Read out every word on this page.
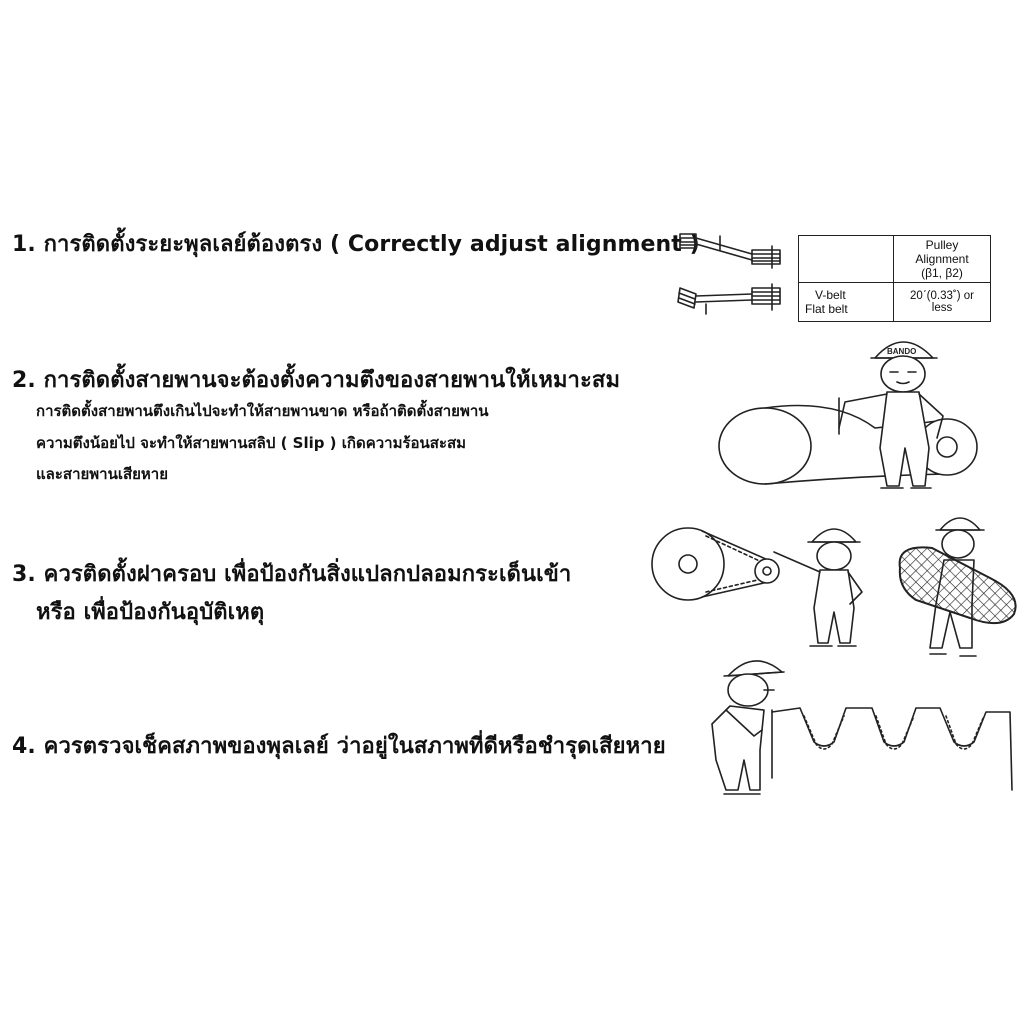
1. การติดตั้งระยะพุลเลย์ต้องตรง ( Correctly adjust alignment )

	Pulley Alignment
(β1, β2)

V-belt
Flat belt	20ˊ(0.33˚) or less
2. การติดตั้งสายพานจะต้องตั้งความตึงของสายพานให้เหมาะสม
การติดตั้งสายพานตึงเกินไปจะทำให้สายพานขาด หรือถ้าติดตั้งสายพาน
ความตึงน้อยไป จะทำให้สายพานสลิป ( Slip ) เกิดความร้อนสะสม
และสายพานเสียหาย
BANDO
3. ควรติดตั้งฝาครอบ เพื่อป้องกันสิ่งแปลกปลอมกระเด็นเข้า
หรือ เพื่อป้องกันอุบัติเหตุ
4. ควรตรวจเช็คสภาพของพุลเลย์ ว่าอยู่ในสภาพที่ดีหรือชำรุดเสียหาย
